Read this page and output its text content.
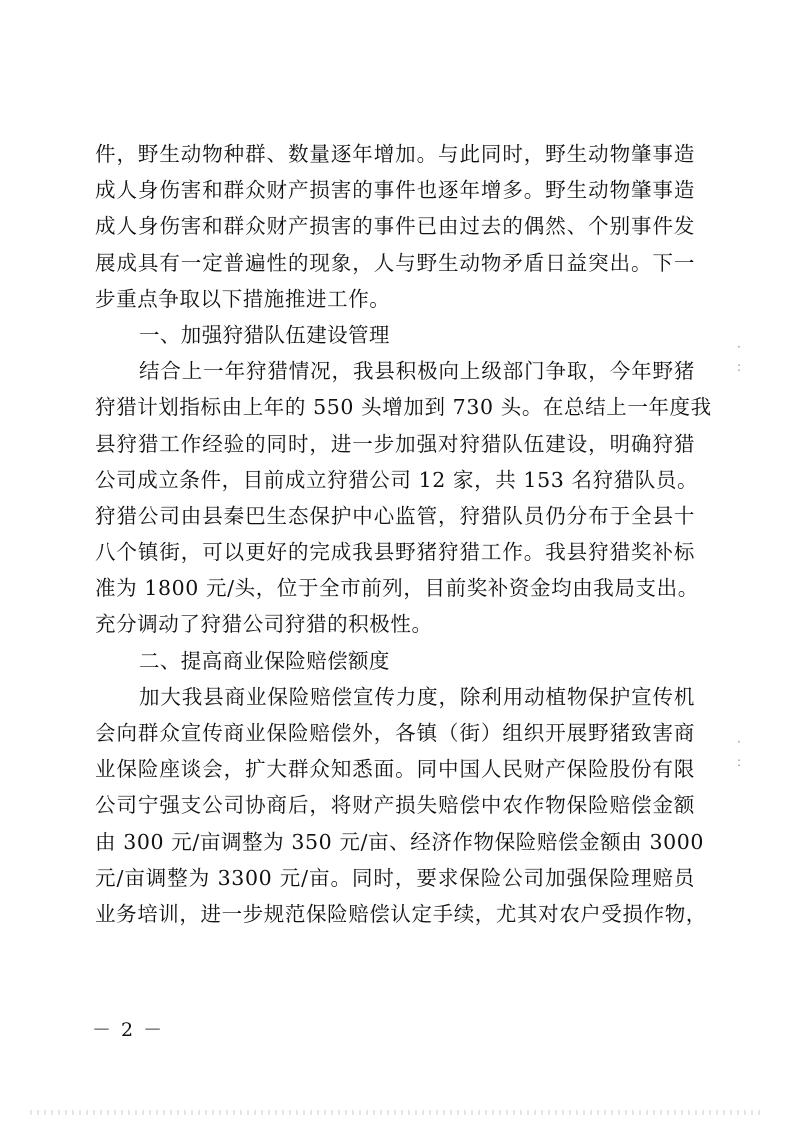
件，野生动物种群、数量逐年增加。与此同时，野生动物肇事造
成人身伤害和群众财产损害的事件也逐年增多。野生动物肇事造
成人身伤害和群众财产损害的事件已由过去的偶然、个别事件发
展成具有一定普遍性的现象，人与野生动物矛盾日益突出。下一
步重点争取以下措施推进工作。
一、加强狩猎队伍建设管理
结合上一年狩猎情况，我县积极向上级部门争取，今年野猪
狩猎计划指标由上年的 550 头增加到 730 头。在总结上一年度我
县狩猎工作经验的同时，进一步加强对狩猎队伍建设，明确狩猎
公司成立条件，目前成立狩猎公司 12 家，共 153 名狩猎队员。
狩猎公司由县秦巴生态保护中心监管，狩猎队员仍分布于全县十
八个镇街，可以更好的完成我县野猪狩猎工作。我县狩猎奖补标
准为 1800 元/头，位于全市前列，目前奖补资金均由我局支出。
充分调动了狩猎公司狩猎的积极性。
二、提高商业保险赔偿额度
加大我县商业保险赔偿宣传力度，除利用动植物保护宣传机
会向群众宣传商业保险赔偿外，各镇（街）组织开展野猪致害商
业保险座谈会，扩大群众知悉面。同中国人民财产保险股份有限
公司宁强支公司协商后，将财产损失赔偿中农作物保险赔偿金额
由 300 元/亩调整为 350 元/亩、经济作物保险赔偿金额由 3000
元/亩调整为 3300 元/亩。同时，要求保险公司加强保险理赔员
业务培训，进一步规范保险赔偿认定手续，尤其对农户受损作物，
·
:
·
:
－ 2 －
